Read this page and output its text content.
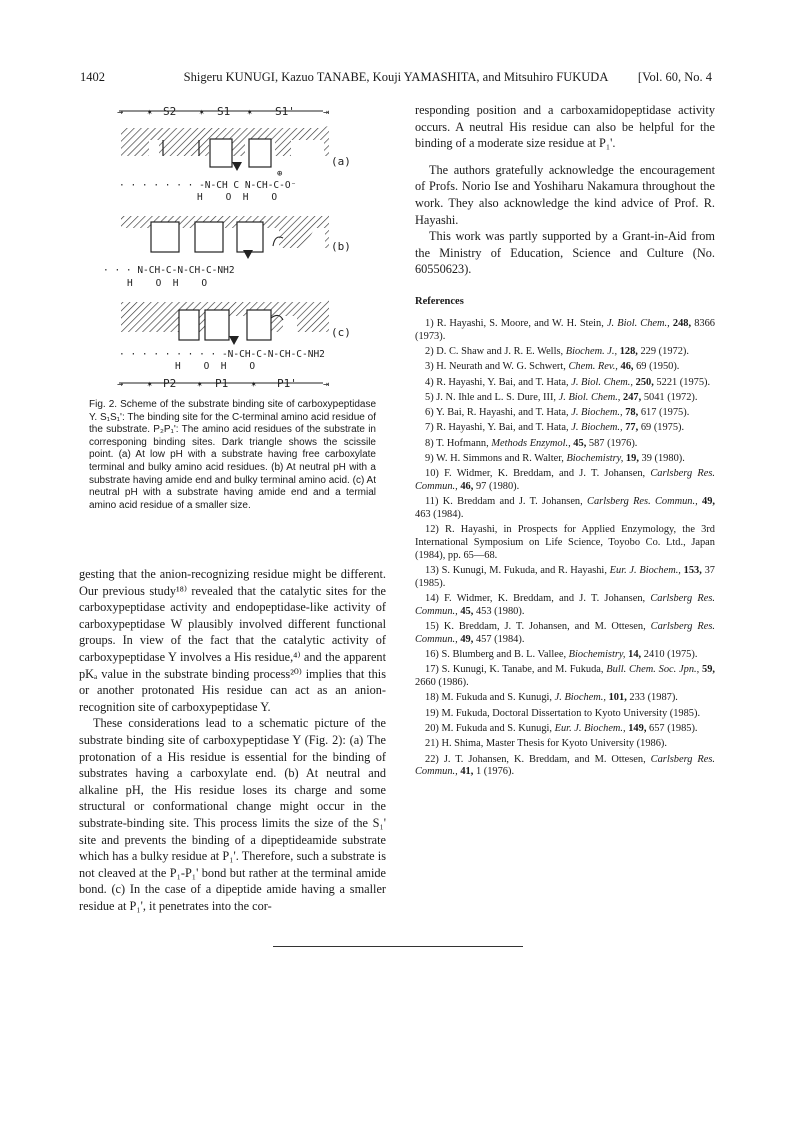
1402	Shigeru KUNUGI, Kazuo TANABE, Kouji YAMASHITA, and Mitsuhiro FUKUDA	[Vol. 60, No. 4
→	✶	✶	✶	⇥
S2	S1	S1'
⊕
(a)
· · · · · · · -N-CH C N-CH-C-O⁻
H    O  H    O
(b)
· · · N-CH-C-N-CH-C-NH2
H    O  H    O
(c)
· · · · · · · · · -N-CH-C-N-CH-C-NH2
H    O  H    O
→	✶	✶	✶	⇥
P2	P1	P1'

Fig. 2. Scheme of the substrate binding site of carboxypeptidase Y. S₁S₁': The binding site for the C-terminal amino acid residue of the substrate. P₂P₁': The amino acid residues of the substrate in corresponing binding sites. Dark triangle shows the scissile point. (a) At low pH with a substrate having free carboxylate terminal and bulky amino acid residues. (b) At neutral pH with a substrate having amide end and bulky terminal amino acid. (c) At neutral pH with a substrate having amide end and a termial amino acid residue of a smaller size.

gesting that the anion-recognizing residue might be different. Our previous study¹⁸⁾ revealed that the catalytic sites for the carboxypeptidase activity and endopeptidase-like activity of carboxypeptidase W plausibly involved different functional groups. In view of the fact that the catalytic activity of carboxypeptidase Y involves a His residue,⁴⁾ and the apparent pKₐ value in the substrate binding process²⁰⁾ implies that this or another protonated His residue can act as an anion-recognition site of carboxypeptidase Y.

These considerations lead to a schematic picture of the substrate binding site of carboxypeptidase Y (Fig. 2): (a) The protonation of a His residue is essential for the binding of substrates having a carboxylate end. (b) At neutral and alkaline pH, the His residue loses its charge and some structural or conformational change might occur in the substrate-binding site. This process limits the size of the S₁' site and prevents the binding of a dipeptideamide substrate which has a bulky residue at P₁'. Therefore, such a substrate is not cleaved at the P₁-P₁' bond but rather at the terminal amide bond. (c) In the case of a dipeptide amide having a smaller residue at P₁', it penetrates into the cor-

responding position and a carboxamidopeptidase activity occurs. A neutral His residue can also be helpful for the binding of a moderate size residue at P₁'.

The authors gratefully acknowledge the encouragement of Profs. Norio Ise and Yoshiharu Nakamura throughout the work. They also acknowledge the kind advice of Prof. R. Hayashi.

This work was partly supported by a Grant-in-Aid from the Ministry of Education, Science and Culture (No. 60550623).

References
1) R. Hayashi, S. Moore, and W. H. Stein, J. Biol. Chem., 248, 8366 (1973).
2) D. C. Shaw and J. R. E. Wells, Biochem. J., 128, 229 (1972).
3) H. Neurath and W. G. Schwert, Chem. Rev., 46, 69 (1950).
4) R. Hayashi, Y. Bai, and T. Hata, J. Biol. Chem., 250, 5221 (1975).
5) J. N. Ihle and L. S. Dure, III, J. Biol. Chem., 247, 5041 (1972).
6) Y. Bai, R. Hayashi, and T. Hata, J. Biochem., 78, 617 (1975).
7) R. Hayashi, Y. Bai, and T. Hata, J. Biochem., 77, 69 (1975).
8) T. Hofmann, Methods Enzymol., 45, 587 (1976).
9) W. H. Simmons and R. Walter, Biochemistry, 19, 39 (1980).
10) F. Widmer, K. Breddam, and J. T. Johansen, Carlsberg Res. Commun., 46, 97 (1980).
11) K. Breddam and J. T. Johansen, Carlsberg Res. Commun., 49, 463 (1984).
12) R. Hayashi, in Prospects for Applied Enzymology, the 3rd International Symposium on Life Science, Toyobo Co. Ltd., Japan (1984), pp. 65—68.
13) S. Kunugi, M. Fukuda, and R. Hayashi, Eur. J. Biochem., 153, 37 (1985).
14) F. Widmer, K. Breddam, and J. T. Johansen, Carlsberg Res. Commun., 45, 453 (1980).
15) K. Breddam, J. T. Johansen, and M. Ottesen, Carlsberg Res. Commun., 49, 457 (1984).
16) S. Blumberg and B. L. Vallee, Biochemistry, 14, 2410 (1975).
17) S. Kunugi, K. Tanabe, and M. Fukuda, Bull. Chem. Soc. Jpn., 59, 2660 (1986).
18) M. Fukuda and S. Kunugi, J. Biochem., 101, 233 (1987).
19) M. Fukuda, Doctoral Dissertation to Kyoto University (1985).
20) M. Fukuda and S. Kunugi, Eur. J. Biochem., 149, 657 (1985).
21) H. Shima, Master Thesis for Kyoto University (1986).
22) J. T. Johansen, K. Breddam, and M. Ottesen, Carlsberg Res. Commun., 41, 1 (1976).
